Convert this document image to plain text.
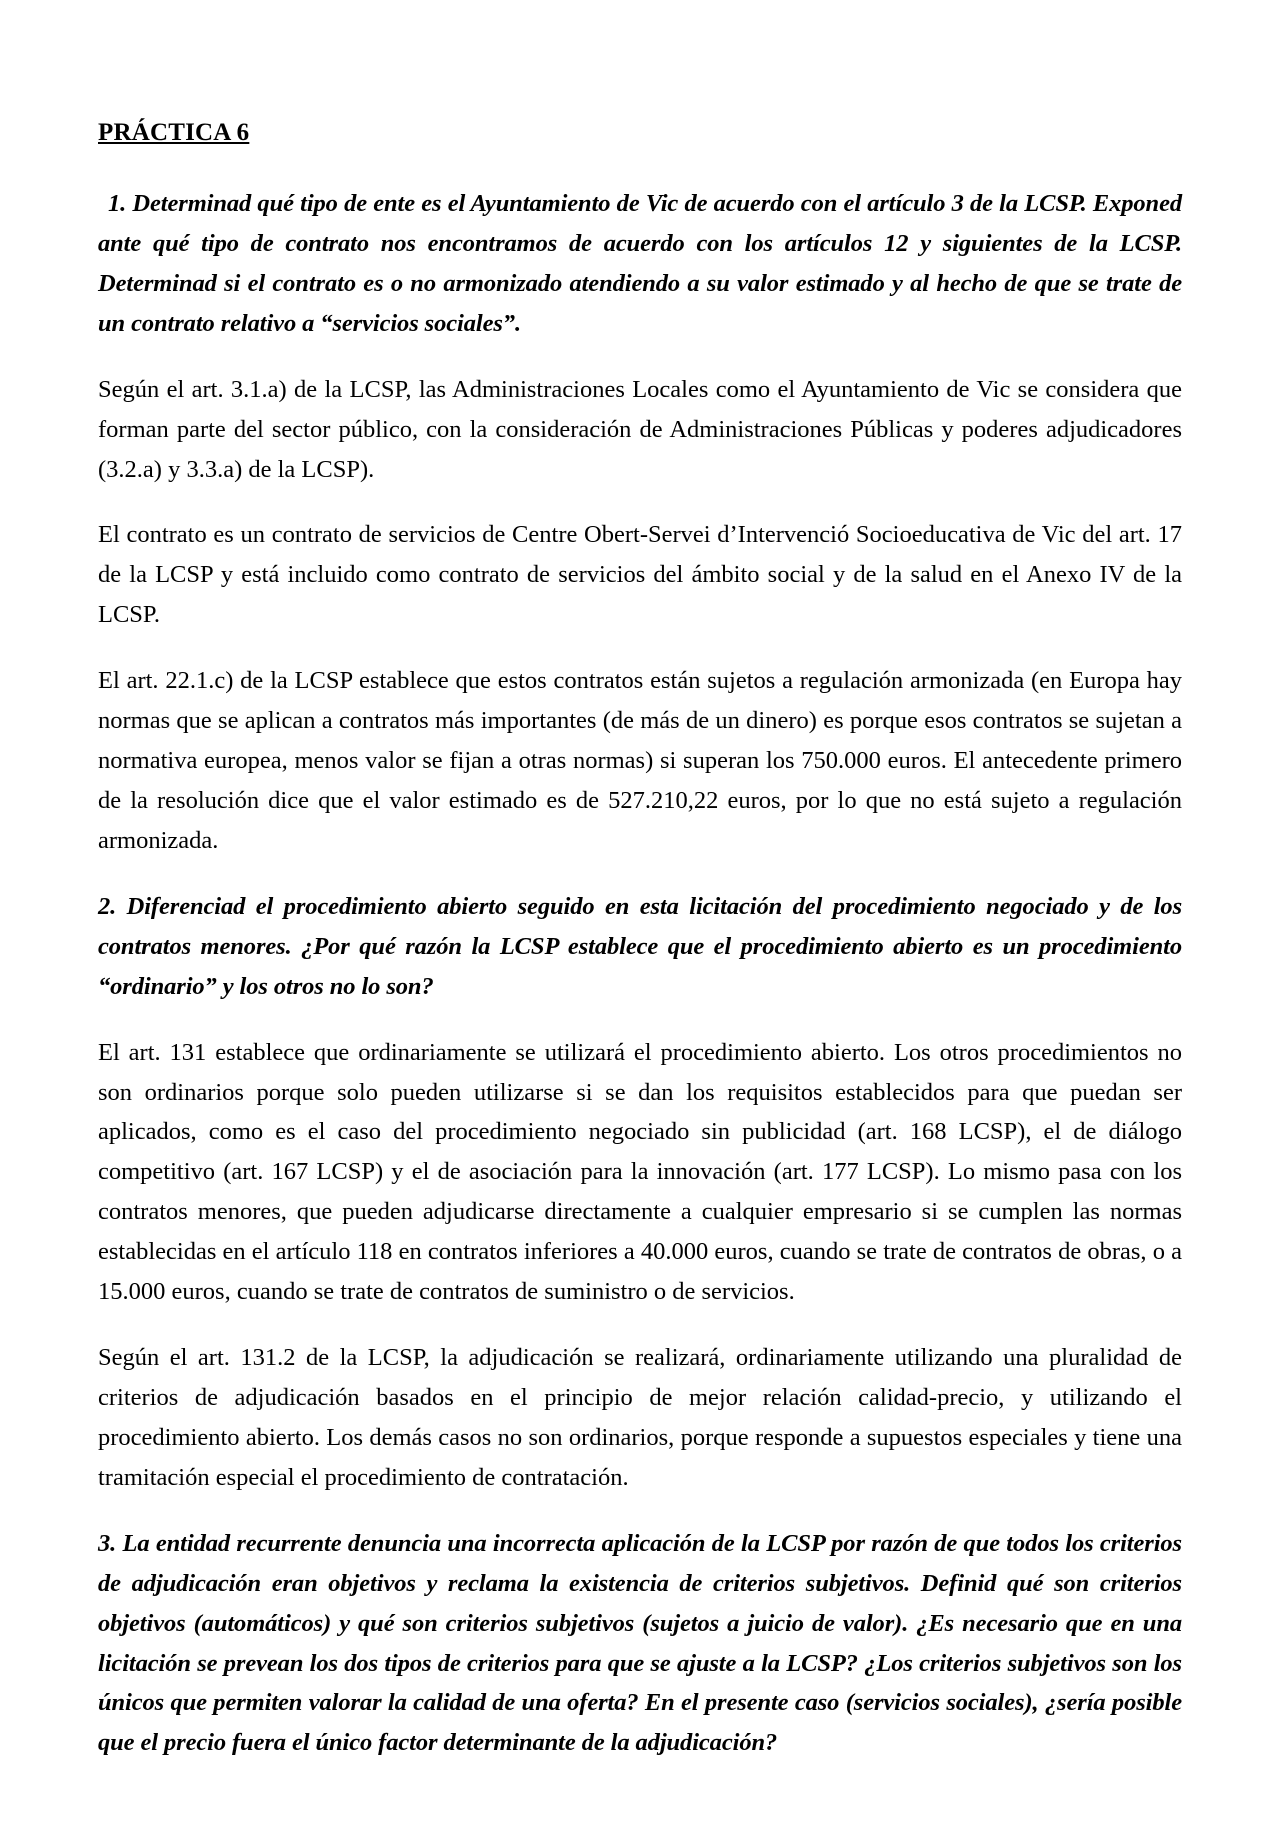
PRÁCTICA 6

1. Determinad qué tipo de ente es el Ayuntamiento de Vic de acuerdo con el artículo 3 de la LCSP. Exponed ante qué tipo de contrato nos encontramos de acuerdo con los artículos 12 y siguientes de la LCSP. Determinad si el contrato es o no armonizado atendiendo a su valor estimado y al hecho de que se trate de un contrato relativo a “servicios sociales”.

Según el art. 3.1.a) de la LCSP, las Administraciones Locales como el Ayuntamiento de Vic se considera que forman parte del sector público, con la consideración de Administraciones Públicas y poderes adjudicadores (3.2.a) y 3.3.a) de la LCSP).

El contrato es un contrato de servicios de Centre Obert-Servei d’Intervenció Socioeducativa de Vic del art. 17 de la LCSP y está incluido como contrato de servicios del ámbito social y de la salud en el Anexo IV de la LCSP.

El art. 22.1.c) de la LCSP establece que estos contratos están sujetos a regulación armonizada (en Europa hay normas que se aplican a contratos más importantes (de más de un dinero) es porque esos contratos se sujetan a normativa europea, menos valor se fijan a otras normas) si superan los 750.000 euros. El antecedente primero de la resolución dice que el valor estimado es de 527.210,22 euros, por lo que no está sujeto a regulación armonizada.

2. Diferenciad el procedimiento abierto seguido en esta licitación del procedimiento negociado y de los contratos menores. ¿Por qué razón la LCSP establece que el procedimiento abierto es un procedimiento “ordinario” y los otros no lo son?

El art. 131 establece que ordinariamente se utilizará el procedimiento abierto. Los otros procedimientos no son ordinarios porque solo pueden utilizarse si se dan los requisitos establecidos para que puedan ser aplicados, como es el caso del procedimiento negociado sin publicidad (art. 168 LCSP), el de diálogo competitivo (art. 167 LCSP) y el de asociación para la innovación (art. 177 LCSP). Lo mismo pasa con los contratos menores, que pueden adjudicarse directamente a cualquier empresario si se cumplen las normas establecidas en el artículo 118 en contratos inferiores a 40.000 euros, cuando se trate de contratos de obras, o a 15.000 euros, cuando se trate de contratos de suministro o de servicios.

Según el art. 131.2 de la LCSP, la adjudicación se realizará, ordinariamente utilizando una pluralidad de criterios de adjudicación basados en el principio de mejor relación calidad-precio, y utilizando el procedimiento abierto. Los demás casos no son ordinarios, porque responde a supuestos especiales y tiene una tramitación especial el procedimiento de contratación.

3. La entidad recurrente denuncia una incorrecta aplicación de la LCSP por razón de que todos los criterios de adjudicación eran objetivos y reclama la existencia de criterios subjetivos. Definid qué son criterios objetivos (automáticos) y qué son criterios subjetivos (sujetos a juicio de valor). ¿Es necesario que en una licitación se prevean los dos tipos de criterios para que se ajuste a la LCSP? ¿Los criterios subjetivos son los únicos que permiten valorar la calidad de una oferta? En el presente caso (servicios sociales), ¿sería posible que el precio fuera el único factor determinante de la adjudicación?
